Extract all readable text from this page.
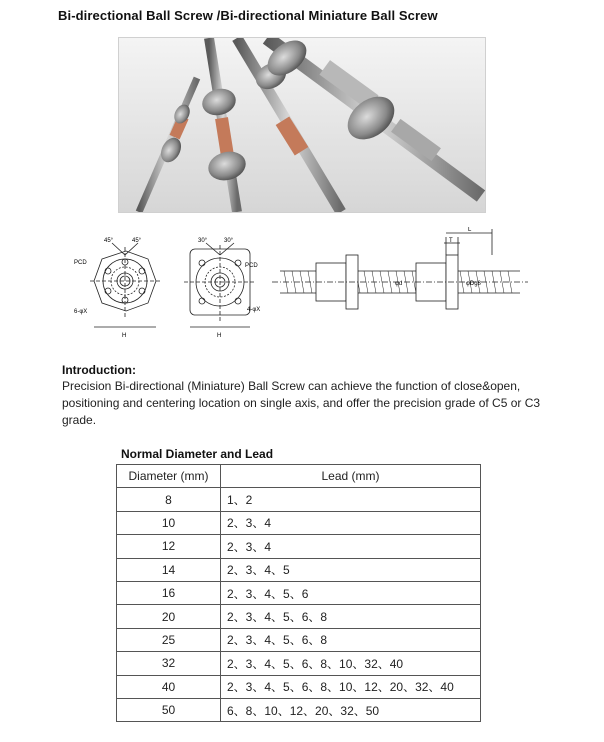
Bi-directional Ball Screw /Bi-directional Miniature Ball Screw
45°	45°
PCD
6-φX
H
30°	30°
PCD
4-φX
H
φd	φDg8
T
L
Introduction:

Precision Bi-directional (Miniature) Ball Screw can achieve the function of close&open, positioning and centering location on single axis, and offer the precision grade of C5 or C3 grade.

Normal Diameter and Lead
Diameter (mm)	Lead (mm)
8	1、2
10	2、3、4
12	2、3、4
14	2、3、4、5
16	2、3、4、5、6
20	2、3、4、5、6、8
25	2、3、4、5、6、8
32	2、3、4、5、6、8、10、32、40
40	2、3、4、5、6、8、10、12、20、32、40
50	6、8、10、12、20、32、50
